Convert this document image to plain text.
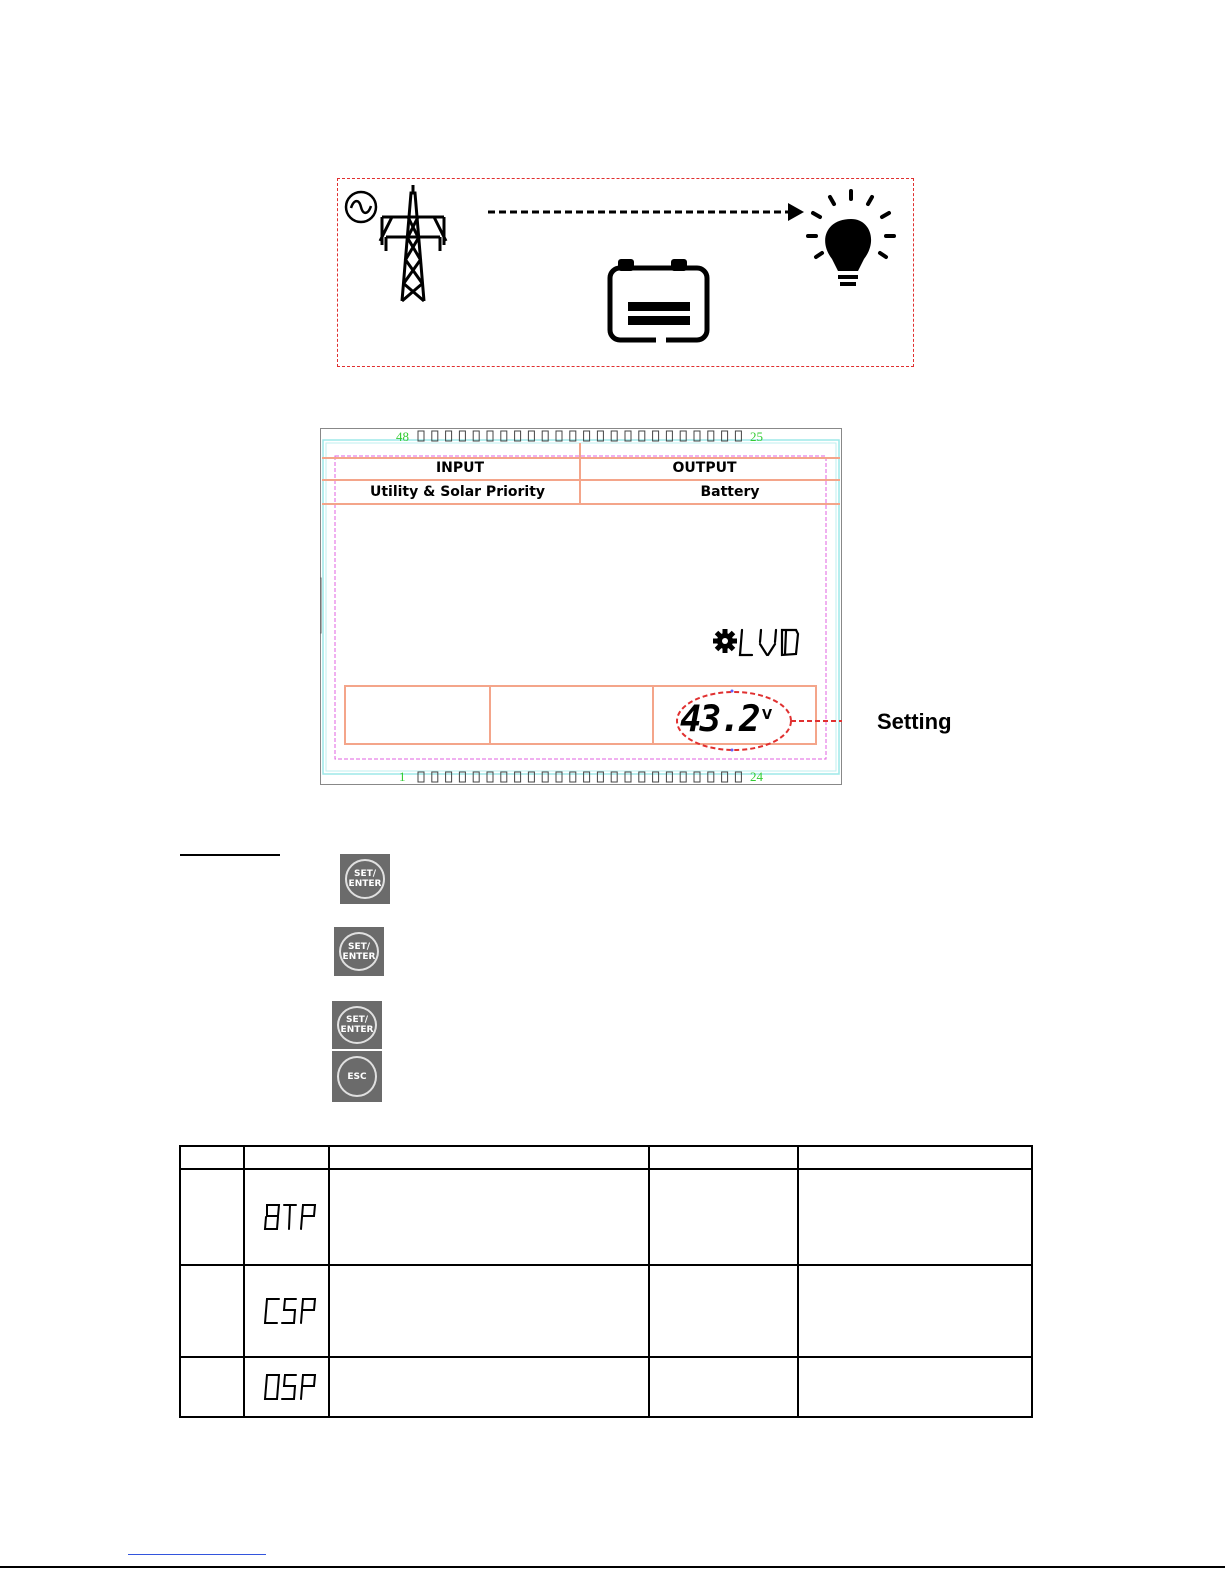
48	25
1	24
INPUT	OUTPUT
Utility & Solar Priority	Battery
43.2 V	Setting
SET/
ENTER
SET/
ENTER
SET/
ENTER
ESC
